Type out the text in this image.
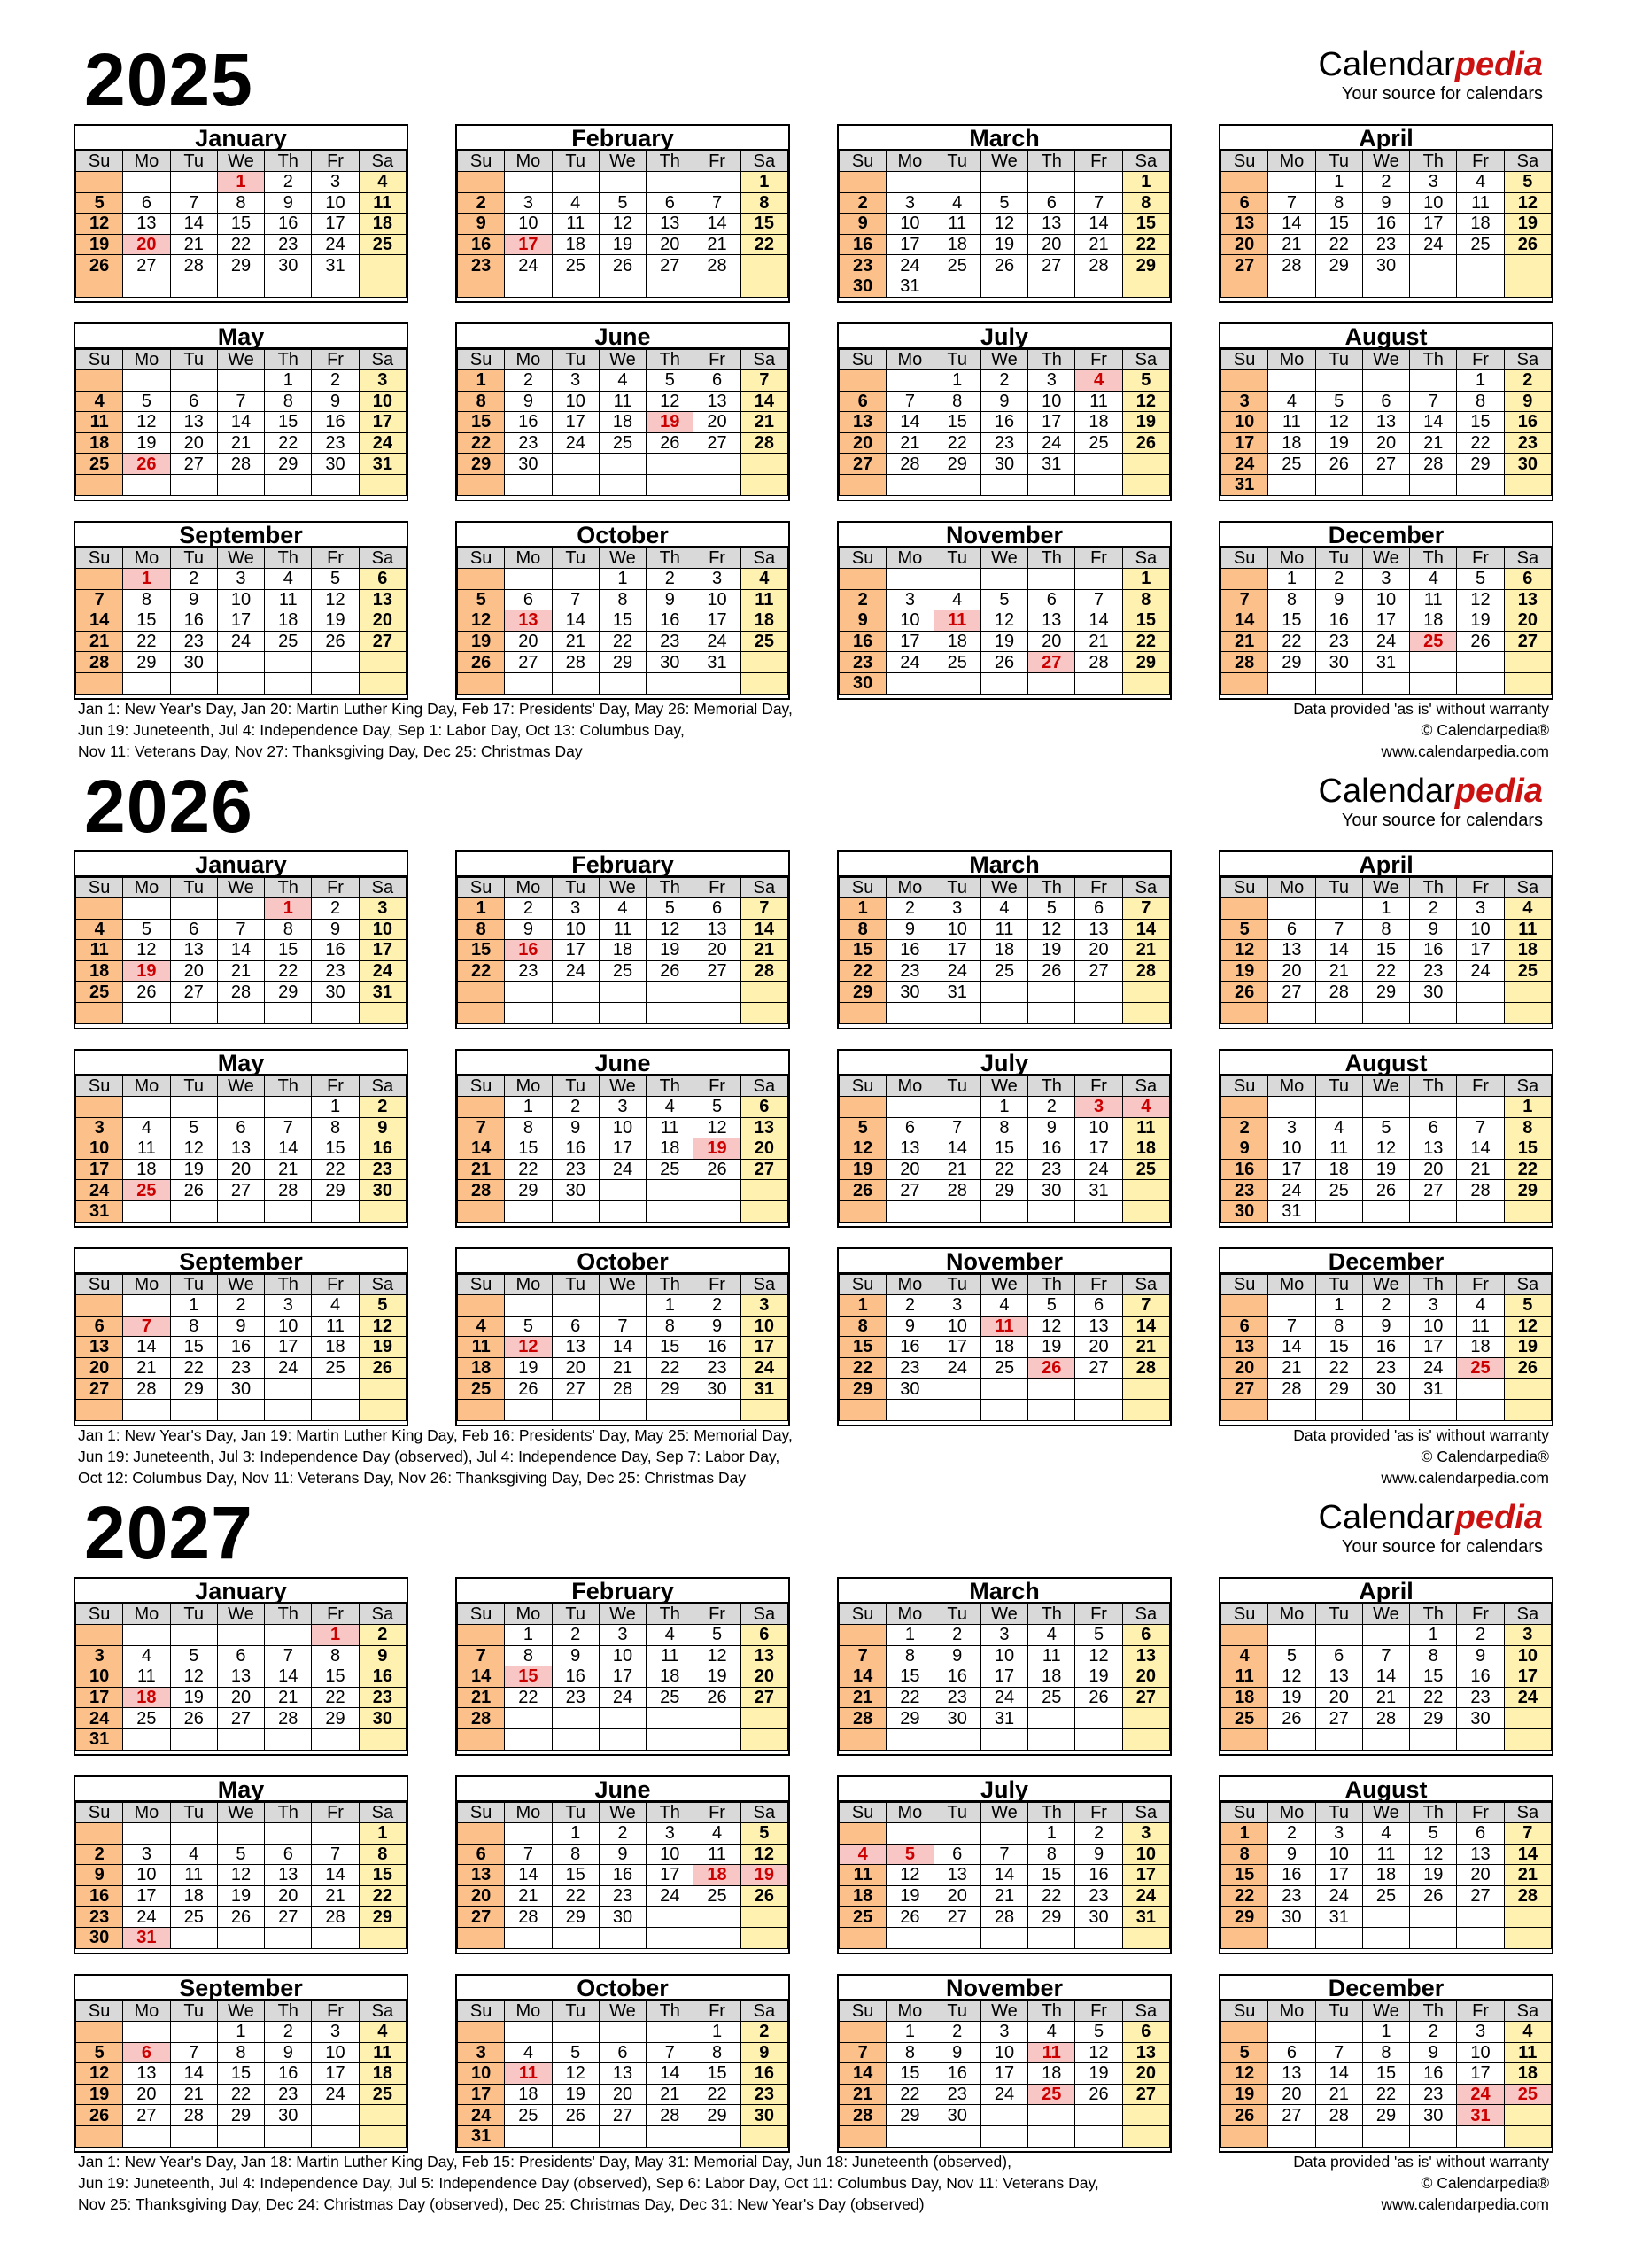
2025	Calendarpedia
Your source for calendars
January
Su	Mo	Tu	We	Th	Fr	Sa
			1	2	3	4
5	6	7	8	9	10	11
12	13	14	15	16	17	18
19	20	21	22	23	24	25
26	27	28	29	30	31	

February
Su	Mo	Tu	We	Th	Fr	Sa
						1
2	3	4	5	6	7	8
9	10	11	12	13	14	15
16	17	18	19	20	21	22
23	24	25	26	27	28	

March
Su	Mo	Tu	We	Th	Fr	Sa
						1
2	3	4	5	6	7	8
9	10	11	12	13	14	15
16	17	18	19	20	21	22
23	24	25	26	27	28	29
30	31					
April
Su	Mo	Tu	We	Th	Fr	Sa
		1	2	3	4	5
6	7	8	9	10	11	12
13	14	15	16	17	18	19
20	21	22	23	24	25	26
27	28	29	30			

May
Su	Mo	Tu	We	Th	Fr	Sa
				1	2	3
4	5	6	7	8	9	10
11	12	13	14	15	16	17
18	19	20	21	22	23	24
25	26	27	28	29	30	31

June
Su	Mo	Tu	We	Th	Fr	Sa
1	2	3	4	5	6	7
8	9	10	11	12	13	14
15	16	17	18	19	20	21
22	23	24	25	26	27	28
29	30					

July
Su	Mo	Tu	We	Th	Fr	Sa
		1	2	3	4	5
6	7	8	9	10	11	12
13	14	15	16	17	18	19
20	21	22	23	24	25	26
27	28	29	30	31		

August
Su	Mo	Tu	We	Th	Fr	Sa
					1	2
3	4	5	6	7	8	9
10	11	12	13	14	15	16
17	18	19	20	21	22	23
24	25	26	27	28	29	30
31						
September
Su	Mo	Tu	We	Th	Fr	Sa
	1	2	3	4	5	6
7	8	9	10	11	12	13
14	15	16	17	18	19	20
21	22	23	24	25	26	27
28	29	30				

October
Su	Mo	Tu	We	Th	Fr	Sa
			1	2	3	4
5	6	7	8	9	10	11
12	13	14	15	16	17	18
19	20	21	22	23	24	25
26	27	28	29	30	31	

November
Su	Mo	Tu	We	Th	Fr	Sa
						1
2	3	4	5	6	7	8
9	10	11	12	13	14	15
16	17	18	19	20	21	22
23	24	25	26	27	28	29
30						
December
Su	Mo	Tu	We	Th	Fr	Sa
	1	2	3	4	5	6
7	8	9	10	11	12	13
14	15	16	17	18	19	20
21	22	23	24	25	26	27
28	29	30	31			

Jan 1: New Year's Day, Jan 20: Martin Luther King Day, Feb 17: Presidents' Day, May 26: Memorial Day,
Jun 19: Juneteenth, Jul 4: Independence Day, Sep 1: Labor Day, Oct 13: Columbus Day,
Nov 11: Veterans Day, Nov 27: Thanksgiving Day, Dec 25: Christmas Day
Data provided 'as is' without warranty
© Calendarpedia®
www.calendarpedia.com
2026	Calendarpedia
Your source for calendars
January
Su	Mo	Tu	We	Th	Fr	Sa
				1	2	3
4	5	6	7	8	9	10
11	12	13	14	15	16	17
18	19	20	21	22	23	24
25	26	27	28	29	30	31

February
Su	Mo	Tu	We	Th	Fr	Sa
1	2	3	4	5	6	7
8	9	10	11	12	13	14
15	16	17	18	19	20	21
22	23	24	25	26	27	28

March
Su	Mo	Tu	We	Th	Fr	Sa
1	2	3	4	5	6	7
8	9	10	11	12	13	14
15	16	17	18	19	20	21
22	23	24	25	26	27	28
29	30	31				

April
Su	Mo	Tu	We	Th	Fr	Sa
			1	2	3	4
5	6	7	8	9	10	11
12	13	14	15	16	17	18
19	20	21	22	23	24	25
26	27	28	29	30		

May
Su	Mo	Tu	We	Th	Fr	Sa
					1	2
3	4	5	6	7	8	9
10	11	12	13	14	15	16
17	18	19	20	21	22	23
24	25	26	27	28	29	30
31						
June
Su	Mo	Tu	We	Th	Fr	Sa
	1	2	3	4	5	6
7	8	9	10	11	12	13
14	15	16	17	18	19	20
21	22	23	24	25	26	27
28	29	30				

July
Su	Mo	Tu	We	Th	Fr	Sa
			1	2	3	4
5	6	7	8	9	10	11
12	13	14	15	16	17	18
19	20	21	22	23	24	25
26	27	28	29	30	31	

August
Su	Mo	Tu	We	Th	Fr	Sa
						1
2	3	4	5	6	7	8
9	10	11	12	13	14	15
16	17	18	19	20	21	22
23	24	25	26	27	28	29
30	31					
September
Su	Mo	Tu	We	Th	Fr	Sa
		1	2	3	4	5
6	7	8	9	10	11	12
13	14	15	16	17	18	19
20	21	22	23	24	25	26
27	28	29	30			

October
Su	Mo	Tu	We	Th	Fr	Sa
				1	2	3
4	5	6	7	8	9	10
11	12	13	14	15	16	17
18	19	20	21	22	23	24
25	26	27	28	29	30	31

November
Su	Mo	Tu	We	Th	Fr	Sa
1	2	3	4	5	6	7
8	9	10	11	12	13	14
15	16	17	18	19	20	21
22	23	24	25	26	27	28
29	30					

December
Su	Mo	Tu	We	Th	Fr	Sa
		1	2	3	4	5
6	7	8	9	10	11	12
13	14	15	16	17	18	19
20	21	22	23	24	25	26
27	28	29	30	31		

Jan 1: New Year's Day, Jan 19: Martin Luther King Day, Feb 16: Presidents' Day, May 25: Memorial Day,
Jun 19: Juneteenth, Jul 3: Independence Day (observed), Jul 4: Independence Day, Sep 7: Labor Day,
Oct 12: Columbus Day, Nov 11: Veterans Day, Nov 26: Thanksgiving Day, Dec 25: Christmas Day
Data provided 'as is' without warranty
© Calendarpedia®
www.calendarpedia.com
2027	Calendarpedia
Your source for calendars
January
Su	Mo	Tu	We	Th	Fr	Sa
					1	2
3	4	5	6	7	8	9
10	11	12	13	14	15	16
17	18	19	20	21	22	23
24	25	26	27	28	29	30
31						
February
Su	Mo	Tu	We	Th	Fr	Sa
	1	2	3	4	5	6
7	8	9	10	11	12	13
14	15	16	17	18	19	20
21	22	23	24	25	26	27
28						

March
Su	Mo	Tu	We	Th	Fr	Sa
	1	2	3	4	5	6
7	8	9	10	11	12	13
14	15	16	17	18	19	20
21	22	23	24	25	26	27
28	29	30	31			

April
Su	Mo	Tu	We	Th	Fr	Sa
				1	2	3
4	5	6	7	8	9	10
11	12	13	14	15	16	17
18	19	20	21	22	23	24
25	26	27	28	29	30	

May
Su	Mo	Tu	We	Th	Fr	Sa
						1
2	3	4	5	6	7	8
9	10	11	12	13	14	15
16	17	18	19	20	21	22
23	24	25	26	27	28	29
30	31					
June
Su	Mo	Tu	We	Th	Fr	Sa
		1	2	3	4	5
6	7	8	9	10	11	12
13	14	15	16	17	18	19
20	21	22	23	24	25	26
27	28	29	30			

July
Su	Mo	Tu	We	Th	Fr	Sa
				1	2	3
4	5	6	7	8	9	10
11	12	13	14	15	16	17
18	19	20	21	22	23	24
25	26	27	28	29	30	31

August
Su	Mo	Tu	We	Th	Fr	Sa
1	2	3	4	5	6	7
8	9	10	11	12	13	14
15	16	17	18	19	20	21
22	23	24	25	26	27	28
29	30	31				

September
Su	Mo	Tu	We	Th	Fr	Sa
			1	2	3	4
5	6	7	8	9	10	11
12	13	14	15	16	17	18
19	20	21	22	23	24	25
26	27	28	29	30		

October
Su	Mo	Tu	We	Th	Fr	Sa
					1	2
3	4	5	6	7	8	9
10	11	12	13	14	15	16
17	18	19	20	21	22	23
24	25	26	27	28	29	30
31						
November
Su	Mo	Tu	We	Th	Fr	Sa
	1	2	3	4	5	6
7	8	9	10	11	12	13
14	15	16	17	18	19	20
21	22	23	24	25	26	27
28	29	30				

December
Su	Mo	Tu	We	Th	Fr	Sa
			1	2	3	4
5	6	7	8	9	10	11
12	13	14	15	16	17	18
19	20	21	22	23	24	25
26	27	28	29	30	31	

Jan 1: New Year's Day, Jan 18: Martin Luther King Day, Feb 15: Presidents' Day, May 31: Memorial Day, Jun 18: Juneteenth (observed),
Jun 19: Juneteenth, Jul 4: Independence Day, Jul 5: Independence Day (observed), Sep 6: Labor Day, Oct 11: Columbus Day, Nov 11: Veterans Day,
Nov 25: Thanksgiving Day, Dec 24: Christmas Day (observed), Dec 25: Christmas Day, Dec 31: New Year's Day (observed)
Data provided 'as is' without warranty
© Calendarpedia®
www.calendarpedia.com
